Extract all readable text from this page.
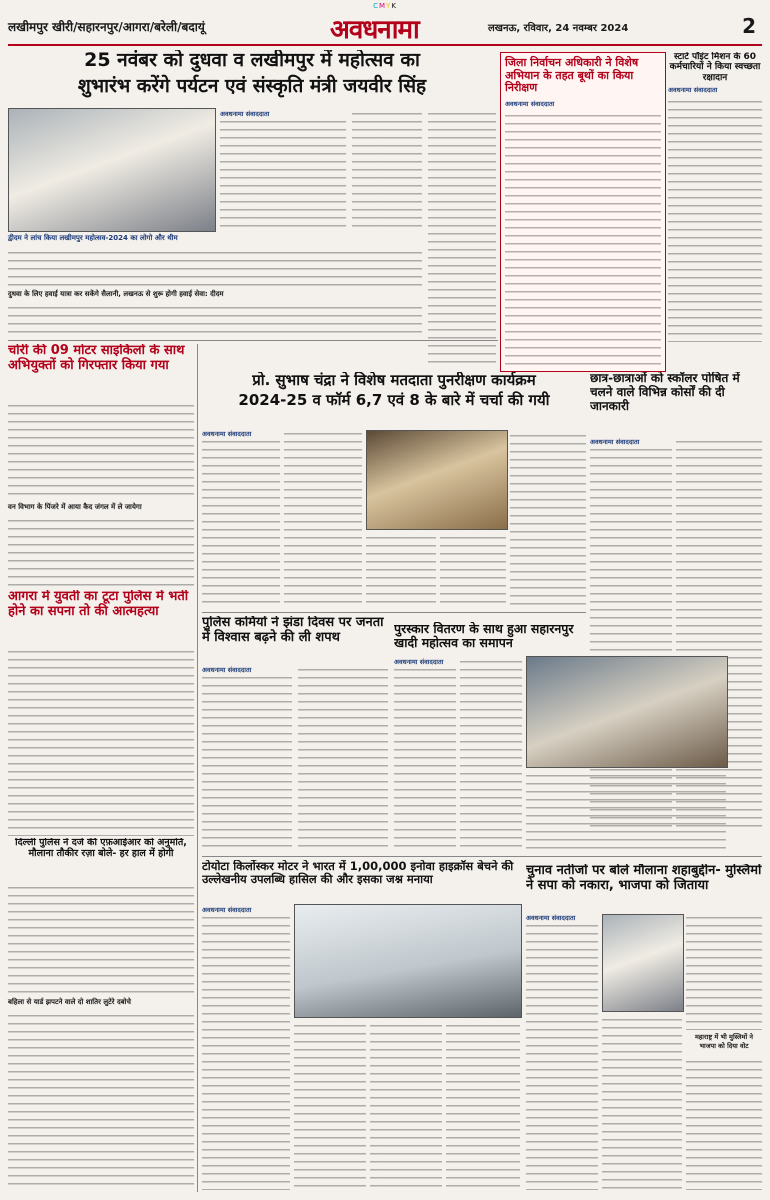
CMYK
लखीमपुर खीरी/सहारनपुर/आगरा/बरेली/बदायूं	अवधनामा	लखनऊ, रविवार, 24 नवम्बर 2024	2
25 नवंबर को दुधवा व लखीमपुर में महोत्सव का
शुभारंभ करेंगे पर्यटन एवं संस्कृति मंत्री जयवीर सिंह
अवधनामा संवाददाता
द्वीदम ने लांच किया लखीमपुर महोत्सव-2024 का लोगो और थीम
दुधवा के लिए हवाई यात्रा कर सकेंगे सैलानी, लखनऊ से शुरू होगी हवाई सेवा: दीदम
जिला निर्वाचन अधिकारी ने विशेष अभियान के तहत बूथों का किया निरीक्षण
अवधनामा संवाददाता
स्टार्ट पॉइंट मिशन के 60 कर्मचारियों ने किया स्वच्छता रक्षादान
अवधनामा संवाददाता
चोरी की 09 मोटर साइकिलों के साथ अभियुक्तों को गिरफ्तार किया गया
वन विभाग के पिंजरे में आया कैद जंगल में ले जायेगा
आगरा में युवती का टूटा पुलिस में भर्ती होने का सपना तो की आत्महत्या
दिल्ली पुलिस ने दर्ज की एफ़आईआर को अनुमति, मौलाना तौकीर रज़ा बोले- हर हाल में होगी
बहिला से यार्ड झपटने वाले दो शातिर लुटेरे दबोचे
प्रो. सुभाष चंद्रा ने विशेष मतदाता पुनरीक्षण कार्यक्रम
2024-25 व फॉर्म 6,7 एवं 8 के बारे में चर्चा की गयी
अवधनामा संवाददाता
छात्र-छात्राओं को स्कॉलर पोषित में चलने वाले विभिन्न कोर्सों की दी जानकारी
अवधनामा संवाददाता
पुलिस कर्मियों ने झंडा दिवस पर जनता में विश्वास बढ़ने की ली शपथ
अवधनामा संवाददाता
पुरस्कार वितरण के साथ हुआ सहारनपुर खादी महोत्सव का समापन
अवधनामा संवाददाता
टोयोटा किर्लोस्कर मोटर ने भारत में 1,00,000 इनोवा हाइक्रॉस बेचने की उल्लेखनीय उपलब्धि हासिल की और इसका जश्न मनाया
अवधनामा संवाददाता
चुनाव नतीजों पर बोले मौलाना शहाबुद्दीन- मुस्लिमों ने सपा को नकारा, भाजपा को जिताया
अवधनामा संवाददाता
महाराष्ट्र में भी मुस्लिमों ने भाजपा को दिया वोट
